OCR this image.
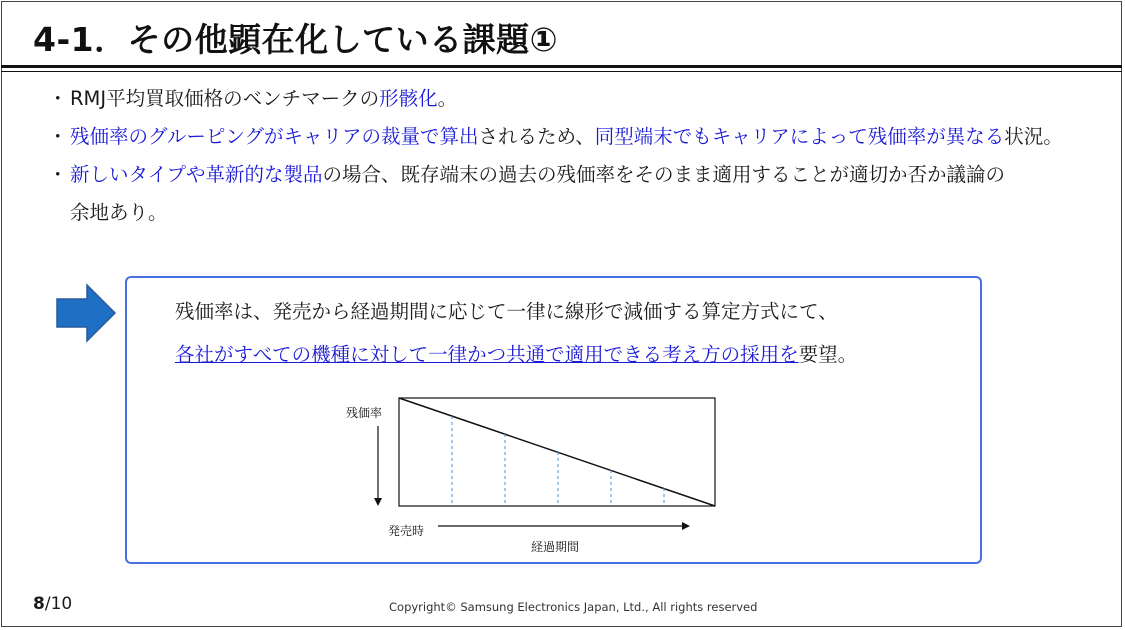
4-1．その他顕在化している課題①
・ RMJ平均買取価格のベンチマークの形骸化。
・ 残価率のグルーピングがキャリアの裁量で算出されるため、同型端末でもキャリアによって残価率が異なる状況。
・ 新しいタイプや革新的な製品の場合、既存端末の過去の残価率をそのまま適用することが適切か否か議論の
余地あり。
残価率は、発売から経過期間に応じて一律に線形で減価する算定方式にて、
各社がすべての機種に対して一律かつ共通で適用できる考え方の採用を要望。
残価率
発売時
経過期間
8/10	Copyright© Samsung Electronics Japan, Ltd., All rights reserved
